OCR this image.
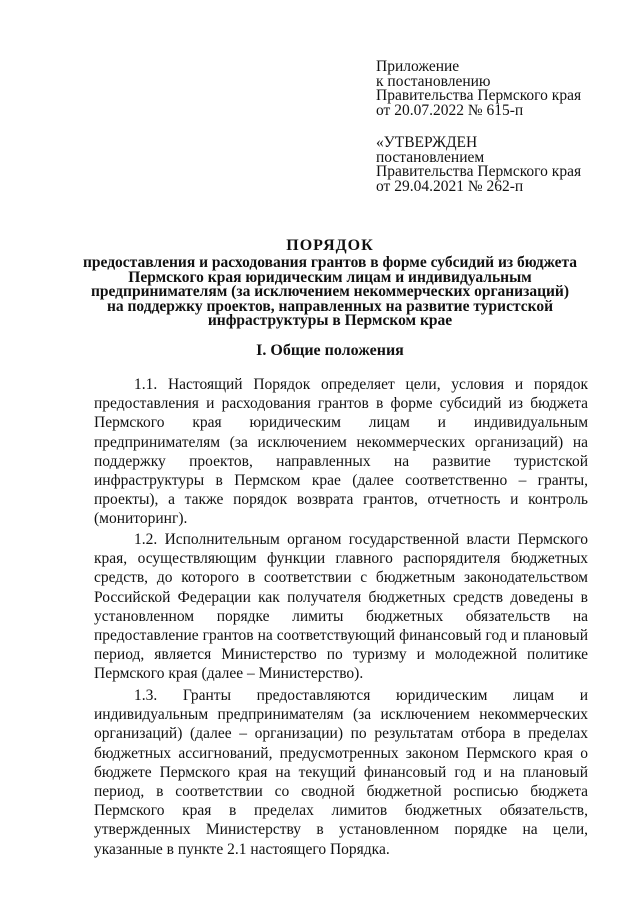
Приложение
к постановлению
Правительства Пермского края
от 20.07.2022 № 615-п
«УТВЕРЖДЕН
постановлением
Правительства Пермского края
от 29.04.2021 № 262-п
ПОРЯДОК
предоставления и расходования грантов в форме субсидий из бюджета
Пермского края юридическим лицам и индивидуальным
предпринимателям (за исключением некоммерческих организаций)
на поддержку проектов, направленных на развитие туристской
инфраструктуры в Пермском крае
I. Общие положения

1.1. Настоящий Порядок определяет цели, условия и порядок предоставления и расходования грантов в форме субсидий из бюджета Пермского края юридическим лицам и индивидуальным предпринимателям (за исключением некоммерческих организаций) на поддержку проектов, направленных на развитие туристской инфраструктуры в Пермском крае (далее соответственно – гранты, проекты), а также порядок возврата грантов, отчетность и контроль (мониторинг).

1.2. Исполнительным органом государственной власти Пермского края, осуществляющим функции главного распорядителя бюджетных средств, до которого в соответствии с бюджетным законодательством Российской Федерации как получателя бюджетных средств доведены в установленном порядке лимиты бюджетных обязательств на предоставление грантов на соответствующий финансовый год и плановый период, является Министерство по туризму и молодежной политике Пермского края (далее – Министерство).

1.3. Гранты предоставляются юридическим лицам и индивидуальным предпринимателям (за исключением некоммерческих организаций) (далее – организации) по результатам отбора в пределах бюджетных ассигнований, предусмотренных законом Пермского края о бюджете Пермского края на текущий финансовый год и на плановый период, в соответствии со сводной бюджетной росписью бюджета Пермского края в пределах лимитов бюджетных обязательств, утвержденных Министерству в установленном порядке на цели, указанные в пункте 2.1 настоящего Порядка.
